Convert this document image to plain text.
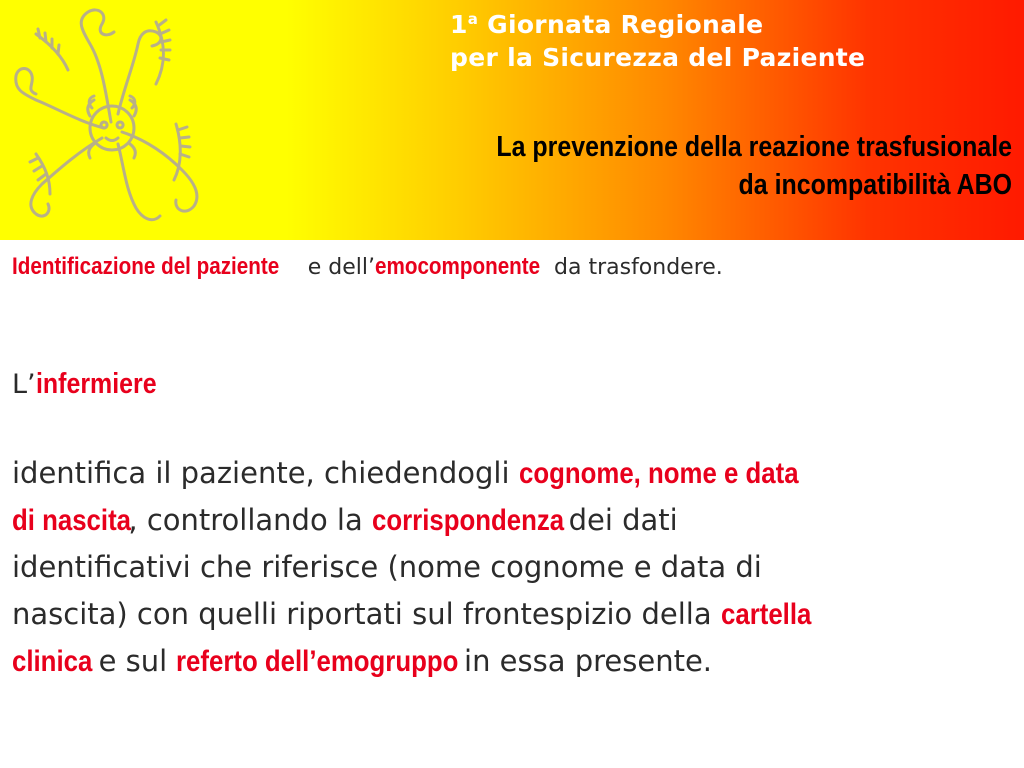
1$^a$ Giornata Regionale
per la Sicurezza del Paziente
La prevenzione della reazione trasfusionale
da incompatibilità ABO
Identificazione del paziente e dell’emocomponente da trasfondere.
L’infermiere
identifica il paziente, chiedendogli cognome, nome e data
di nascita, controllando la corrispondenza dei dati
identificativi che riferisce (nome cognome e data di
nascita) con quelli riportati sul frontespizio della cartella
clinica e sul referto dell’emogruppo in essa presente.
